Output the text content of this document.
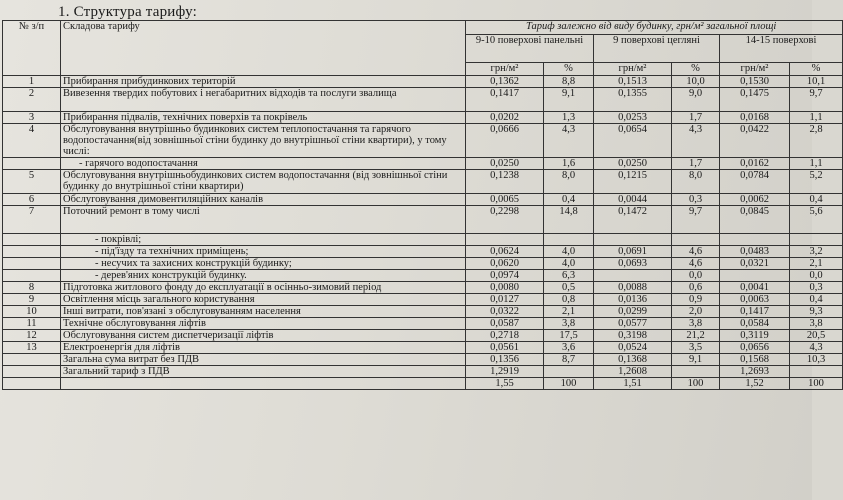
1. Структура тарифу:
№ з/п	Складова тарифу	Тариф залежно від виду будинку, грн/м² загальної площі					
		9-10 поверхові панельні		9 поверхові цегляні		14-15 поверхові	
		грн/м²	%	грн/м²	%	грн/м²	%
1	Прибирання прибудинкових територій	0,1362	8,8	0,1513	10,0	0,1530	10,1
2	Вивезення твердих побутових і негабаритних відходів та послуги звалища	0,1417	9,1	0,1355	9,0	0,1475	9,7
3	Прибирання підвалів, технічних поверхів та покрівель	0,0202	1,3	0,0253	1,7	0,0168	1,1
4	Обслуговування внутрішньо будинкових систем теплопостачання та гарячого водопостачання(від зовнішньої стіни будинку до внутрішньої стіни квартири), у тому числі:	0,0666	4,3	0,0654	4,3	0,0422	2,8
	- гарячого водопостачання	0,0250	1,6	0,0250	1,7	0,0162	1,1
5	Обслуговування внутрішньобудинкових систем водопостачання (від зовнішньої стіни будинку до внутрішньої стіни квартири)	0,1238	8,0	0,1215	8,0	0,0784	5,2
6	Обслуговування димовентиляційних каналів	0,0065	0,4	0,0044	0,3	0,0062	0,4
7	Поточний ремонт в тому числі	0,2298	14,8	0,1472	9,7	0,0845	5,6
	- покрівлі;						
	- під'їзду та технічних приміщень;	0,0624	4,0	0,0691	4,6	0,0483	3,2
	- несучих та захисних конструкцій будинку;	0,0620	4,0	0,0693	4,6	0,0321	2,1
	- дерев'яних конструкцій будинку.	0,0974	6,3		0,0		0,0
8	Підготовка житлового фонду до експлуатації в осінньо-зимовий період	0,0080	0,5	0,0088	0,6	0,0041	0,3
9	Освітлення місць загального користування	0,0127	0,8	0,0136	0,9	0,0063	0,4
10	Інші витрати, пов'язані з обслуговуванням населення	0,0322	2,1	0,0299	2,0	0,1417	9,3
11	Технічне обслуговування ліфтів	0,0587	3,8	0,0577	3,8	0,0584	3,8
12	Обслуговування систем диспетчеризації ліфтів	0,2718	17,5	0,3198	21,2	0,3119	20,5
13	Електроенергія для ліфтів	0,0561	3,6	0,0524	3,5	0,0656	4,3
	Загальна сума витрат без ПДВ	0,1356	8,7	0,1368	9,1	0,1568	10,3
	Загальний тариф з ПДВ	1,2919		1,2608		1,2693	
		1,55	100	1,51	100	1,52	100
